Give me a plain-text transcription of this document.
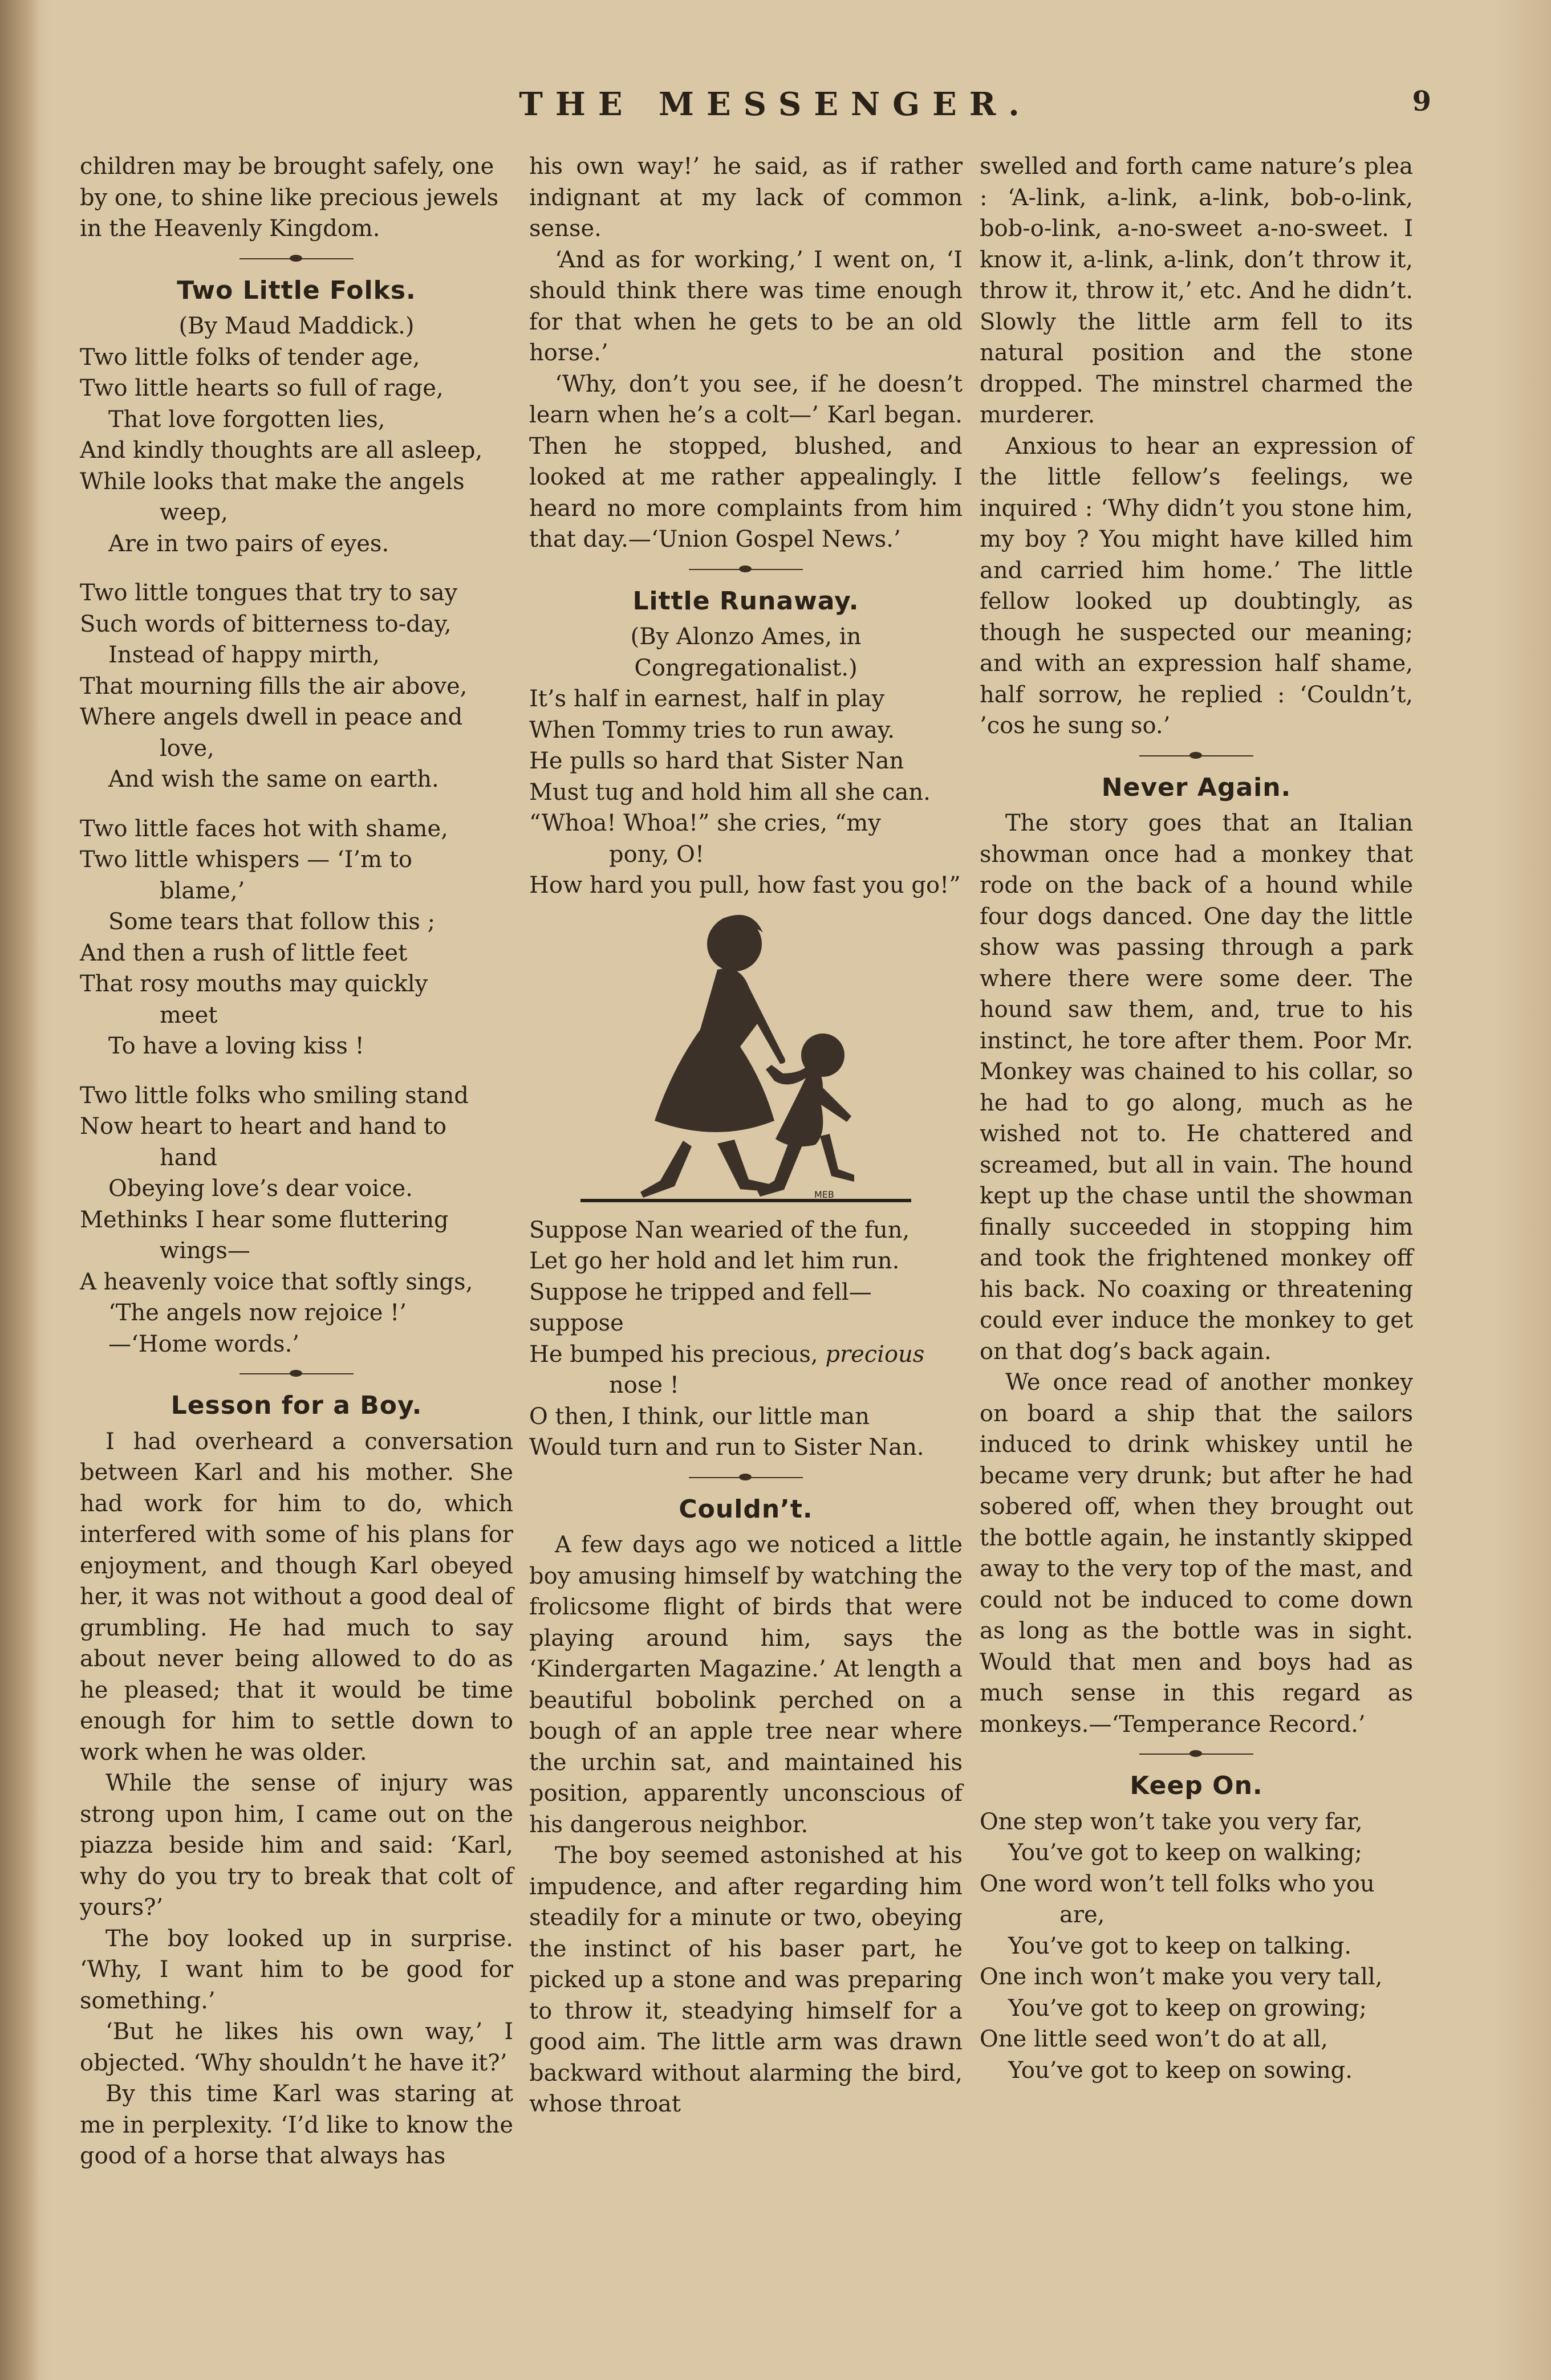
THE MESSENGER.	9

children may be brought safely, one

by one, to shine like precious jewels

in the Heavenly Kingdom.

Two Little Folks.

(By Maud Maddick.)

Two little folks of tender age,

Two little hearts so full of rage,

That love forgotten lies,

And kindly thoughts are all asleep,

While looks that make the angels

weep,

Are in two pairs of eyes.

Two little tongues that try to say

Such words of bitterness to-day,

Instead of happy mirth,

That mourning fills the air above,

Where angels dwell in peace and

love,

And wish the same on earth.

Two little faces hot with shame,

Two little whispers — ‘I’m to

blame,’

Some tears that follow this ;

And then a rush of little feet

That rosy mouths may quickly

meet

To have a loving kiss !

Two little folks who smiling stand

Now heart to heart and hand to

hand

Obeying love’s dear voice.

Methinks I hear some fluttering

wings—

A heavenly voice that softly sings,

‘The angels now rejoice !’

—‘Home words.’

Lesson for a Boy.

I had overheard a conversation between Karl and his mother. She had work for him to do, which interfered with some of his plans for enjoyment, and though Karl obeyed her, it was not without a good deal of grumbling. He had much to say about never being allowed to do as he pleased; that it would be time enough for him to settle down to work when he was older.

While the sense of injury was strong upon him, I came out on the piazza beside him and said: ‘Karl, why do you try to break that colt of yours?’

The boy looked up in surprise. ‘Why, I want him to be good for something.’

‘But he likes his own way,’ I objected. ‘Why shouldn’t he have it?’

By this time Karl was staring at me in perplexity. ‘I’d like to know the good of a horse that always has

his own way!’ he said, as if rather indignant at my lack of common sense.

‘And as for working,’ I went on, ‘I should think there was time enough for that when he gets to be an old horse.’

‘Why, don’t you see, if he doesn’t learn when he’s a colt—’ Karl began. Then he stopped, blushed, and looked at me rather appealingly. I heard no more complaints from him that day.—‘Union Gospel News.’

Little Runaway.

(By Alonzo Ames, in Congregationalist.)

It’s half in earnest, half in play

When Tommy tries to run away.

He pulls so hard that Sister Nan

Must tug and hold him all she can.

“Whoa! Whoa!” she cries, “my

pony, O!

How hard you pull, how fast you go!”

MEB

Suppose Nan wearied of the fun,

Let go her hold and let him run.

Suppose he tripped and fell—suppose

He bumped his precious, precious

nose !

O then, I think, our little man

Would turn and run to Sister Nan.

Couldn’t.

A few days ago we noticed a little boy amusing himself by watching the frolicsome flight of birds that were playing around him, says the ‘Kindergarten Magazine.’ At length a beautiful bobolink perched on a bough of an apple tree near where the urchin sat, and maintained his position, apparently unconscious of his dangerous neighbor.

The boy seemed astonished at his impudence, and after regarding him steadily for a minute or two, obeying the instinct of his baser part, he picked up a stone and was preparing to throw it, steadying himself for a good aim. The little arm was drawn backward without alarming the bird, whose throat

swelled and forth came nature’s plea : ‘A-link, a-link, a-link, bob-o-link, bob-o-link, a-no-sweet a-no-sweet. I know it, a-link, a-link, don’t throw it, throw it, throw it,’ etc. And he didn’t. Slowly the little arm fell to its natural position and the stone dropped. The minstrel charmed the murderer.

Anxious to hear an expression of the little fellow’s feelings, we inquired : ‘Why didn’t you stone him, my boy ? You might have killed him and carried him home.’ The little fellow looked up doubtingly, as though he suspected our meaning; and with an expression half shame, half sorrow, he replied : ‘Couldn’t, ’cos he sung so.’

Never Again.

The story goes that an Italian showman once had a monkey that rode on the back of a hound while four dogs danced. One day the little show was passing through a park where there were some deer. The hound saw them, and, true to his instinct, he tore after them. Poor Mr. Monkey was chained to his collar, so he had to go along, much as he wished not to. He chattered and screamed, but all in vain. The hound kept up the chase until the showman finally succeeded in stopping him and took the frightened monkey off his back. No coaxing or threatening could ever induce the monkey to get on that dog’s back again.

We once read of another monkey on board a ship that the sailors induced to drink whiskey until he became very drunk; but after he had sobered off, when they brought out the bottle again, he instantly skipped away to the very top of the mast, and could not be induced to come down as long as the bottle was in sight. Would that men and boys had as much sense in this regard as monkeys.—‘Temperance Record.’

Keep On.

One step won’t take you very far,

You’ve got to keep on walking;

One word won’t tell folks who you

are,

You’ve got to keep on talking.

One inch won’t make you very tall,

You’ve got to keep on growing;

One little seed won’t do at all,

You’ve got to keep on sowing.
